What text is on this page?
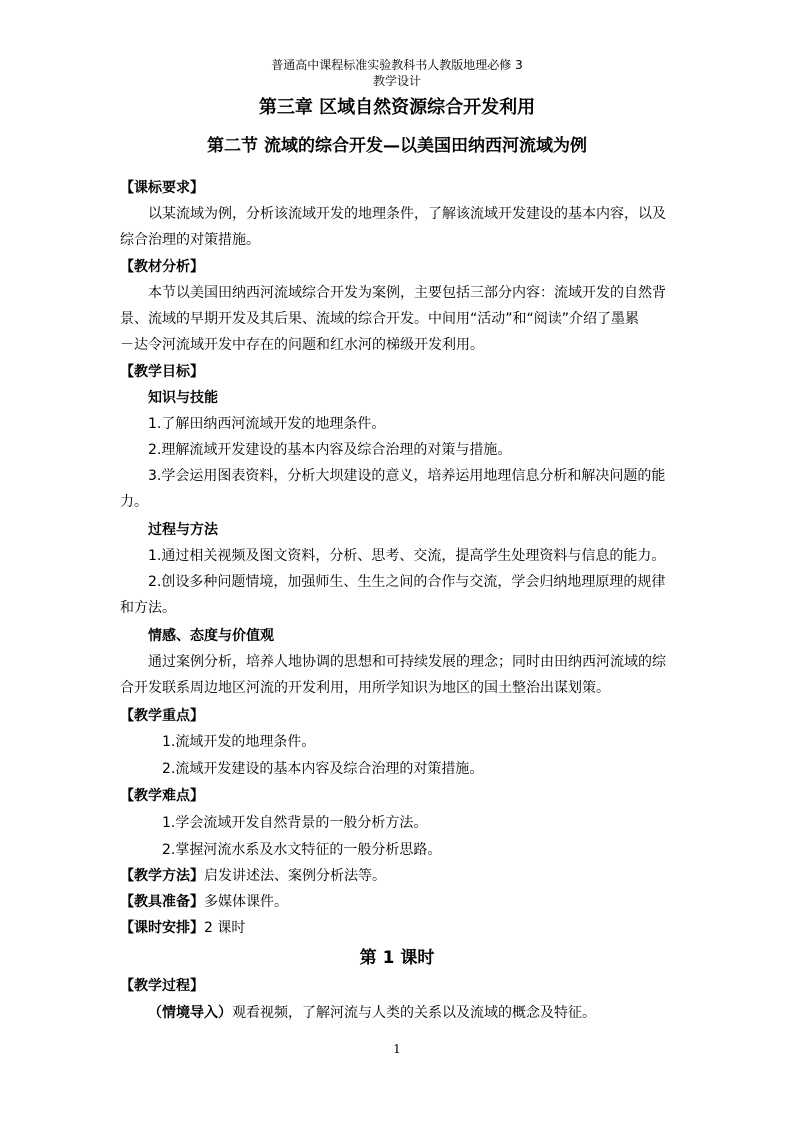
普通高中课程标准实验教科书人教版地理必修 3
教学设计
第三章 区域自然资源综合开发利用
第二节 流域的综合开发—以美国田纳西河流域为例
【课标要求】
以某流域为例，分析该流域开发的地理条件，了解该流域开发建设的基本内容，以及
综合治理的对策措施。
【教材分析】
本节以美国田纳西河流域综合开发为案例，主要包括三部分内容：流域开发的自然背
景、流域的早期开发及其后果、流域的综合开发。中间用“活动”和“阅读”介绍了墨累
－达令河流域开发中存在的问题和红水河的梯级开发利用。
【教学目标】
知识与技能
1.了解田纳西河流域开发的地理条件。
2.理解流域开发建设的基本内容及综合治理的对策与措施。
3.学会运用图表资料，分析大坝建设的意义，培养运用地理信息分析和解决问题的能
力。
过程与方法
1.通过相关视频及图文资料，分析、思考、交流，提高学生处理资料与信息的能力。
2.创设多种问题情境，加强师生、生生之间的合作与交流，学会归纳地理原理的规律
和方法。
情感、态度与价值观
通过案例分析，培养人地协调的思想和可持续发展的理念；同时由田纳西河流域的综
合开发联系周边地区河流的开发利用，用所学知识为地区的国土整治出谋划策。
【教学重点】
1.流域开发的地理条件。
2.流域开发建设的基本内容及综合治理的对策措施。
【教学难点】
1.学会流域开发自然背景的一般分析方法。
2.掌握河流水系及水文特征的一般分析思路。
【教学方法】启发讲述法、案例分析法等。
【教具准备】多媒体课件。
【课时安排】2 课时
第 1 课时
【教学过程】
（情境导入）观看视频，了解河流与人类的关系以及流域的概念及特征。
1
